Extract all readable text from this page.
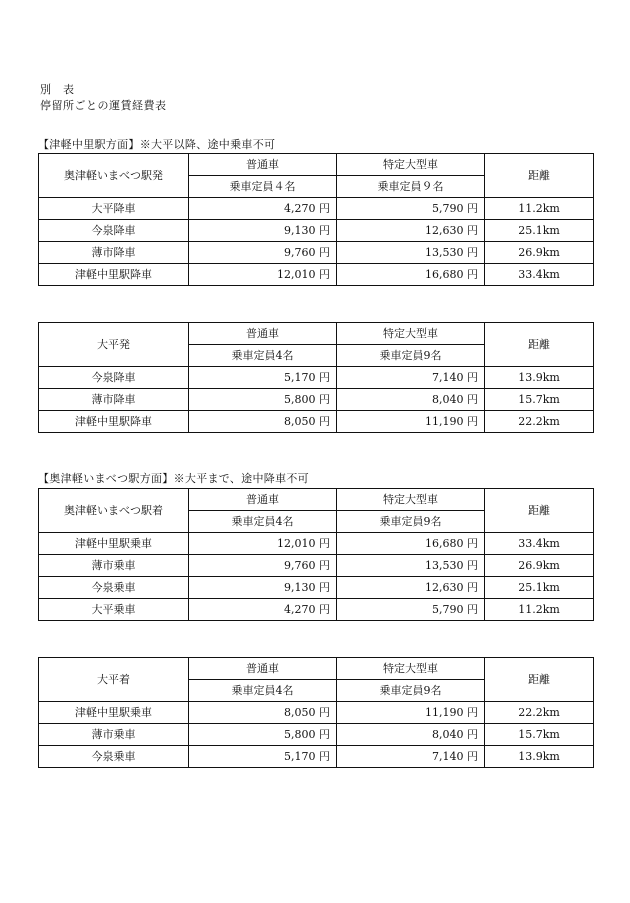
別　表
停留所ごとの運賃経費表
【津軽中里駅方面】※大平以降、途中乗車不可
奥津軽いまべつ駅発	普通車	特定大型車	距離
	乗車定員４名	乗車定員９名	
大平降車	4,270 円	5,790 円	11.2km
今泉降車	9,130 円	12,630 円	25.1km
薄市降車	9,760 円	13,530 円	26.9km
津軽中里駅降車	12,010 円	16,680 円	33.4km
大平発	普通車	特定大型車	距離
	乗車定員4名	乗車定員9名	
今泉降車	5,170 円	7,140 円	13.9km
薄市降車	5,800 円	8,040 円	15.7km
津軽中里駅降車	8,050 円	11,190 円	22.2km
【奥津軽いまべつ駅方面】※大平まで、途中降車不可
奥津軽いまべつ駅着	普通車	特定大型車	距離
	乗車定員4名	乗車定員9名	
津軽中里駅乗車	12,010 円	16,680 円	33.4km
薄市乗車	9,760 円	13,530 円	26.9km
今泉乗車	9,130 円	12,630 円	25.1km
大平乗車	4,270 円	5,790 円	11.2km
大平着	普通車	特定大型車	距離
	乗車定員4名	乗車定員9名	
津軽中里駅乗車	8,050 円	11,190 円	22.2km
薄市乗車	5,800 円	8,040 円	15.7km
今泉乗車	5,170 円	7,140 円	13.9km
